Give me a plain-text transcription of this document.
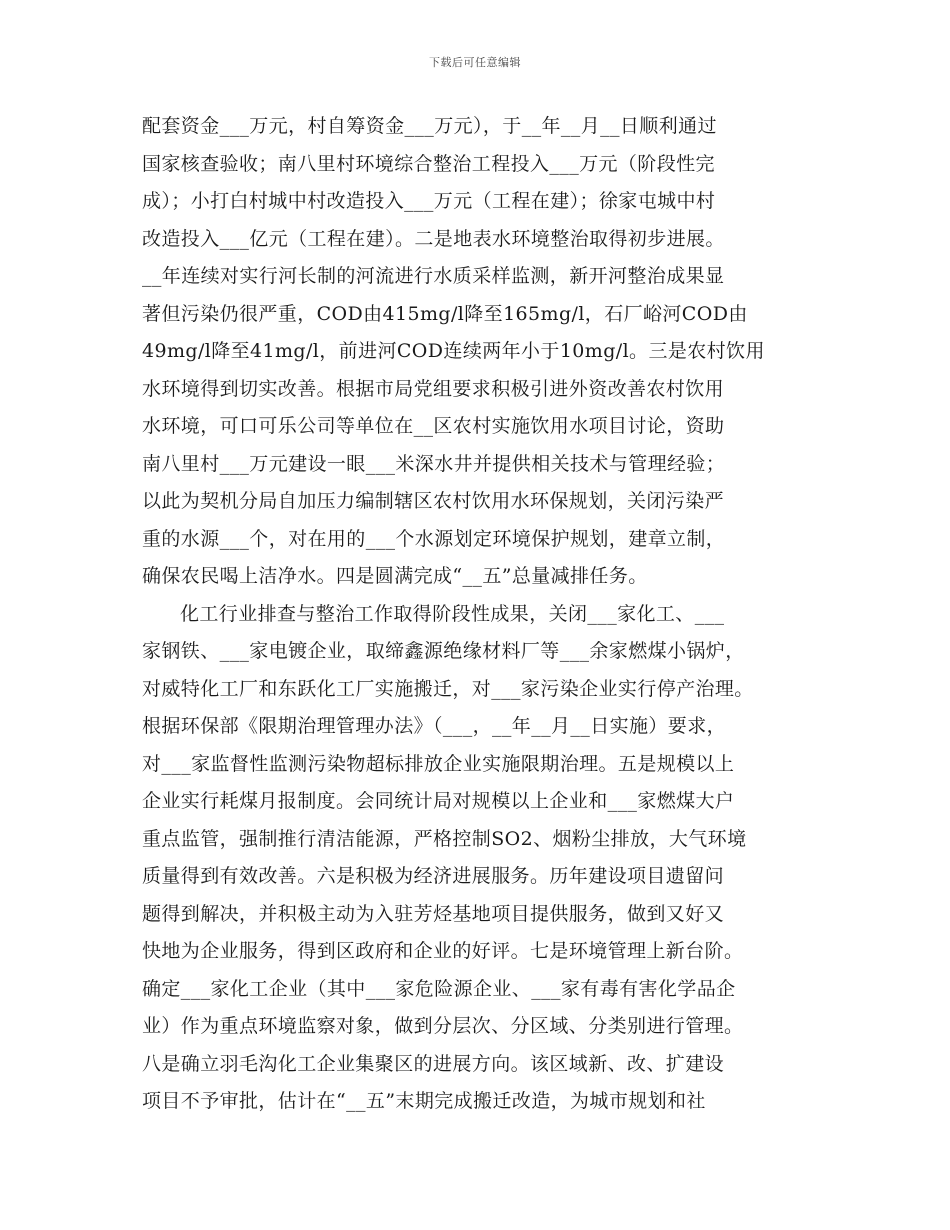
下载后可任意编辑
配套资金___万元，村自筹资金___万元），于__年__月__日顺利通过
国家核查验收；南八里村环境综合整治工程投入___万元（阶段性完
成）；小打白村城中村改造投入___万元（工程在建）；徐家屯城中村
改造投入___亿元（工程在建）。二是地表水环境整治取得初步进展。
__年连续对实行河长制的河流进行水质采样监测，新开河整治成果显
著但污染仍很严重，COD由415mg/l降至165mg/l，石厂峪河COD由
49mg/l降至41mg/l，前进河COD连续两年小于10mg/l。三是农村饮用
水环境得到切实改善。根据市局党组要求积极引进外资改善农村饮用
水环境，可口可乐公司等单位在__区农村实施饮用水项目讨论，资助
南八里村___万元建设一眼___米深水井并提供相关技术与管理经验；
以此为契机分局自加压力编制辖区农村饮用水环保规划，关闭污染严
重的水源___个，对在用的___个水源划定环境保护规划，建章立制，
确保农民喝上洁净水。四是圆满完成“__五”总量减排任务。
化工行业排查与整治工作取得阶段性成果，关闭___家化工、___
家钢铁、___家电镀企业，取缔鑫源绝缘材料厂等___余家燃煤小锅炉，
对威特化工厂和东跃化工厂实施搬迁，对___家污染企业实行停产治理。
根据环保部《限期治理管理办法》（___，__年__月__日实施）要求，
对___家监督性监测污染物超标排放企业实施限期治理。五是规模以上
企业实行耗煤月报制度。会同统计局对规模以上企业和___家燃煤大户
重点监管，强制推行清洁能源，严格控制SO2、烟粉尘排放，大气环境
质量得到有效改善。六是积极为经济进展服务。历年建设项目遗留问
题得到解决，并积极主动为入驻芳烃基地项目提供服务，做到又好又
快地为企业服务，得到区政府和企业的好评。七是环境管理上新台阶。
确定___家化工企业（其中___家危险源企业、___家有毒有害化学品企
业）作为重点环境监察对象，做到分层次、分区域、分类别进行管理。
八是确立羽毛沟化工企业集聚区的进展方向。该区域新、改、扩建设
项目不予审批，估计在“__五”末期完成搬迁改造，为城市规划和社
